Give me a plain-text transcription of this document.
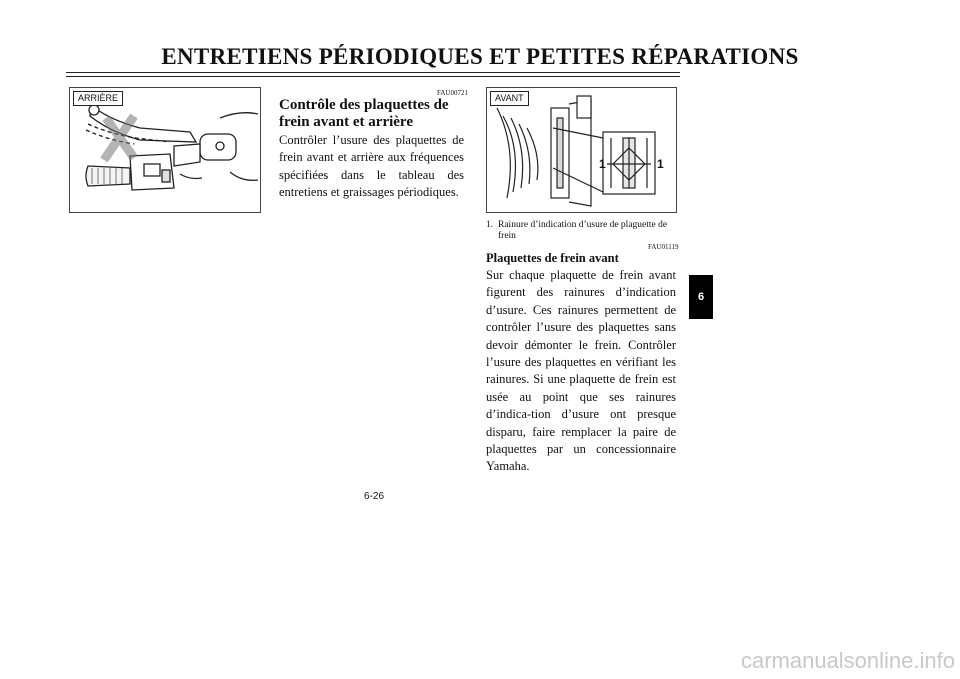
ENTRETIENS PÉRIODIQUES ET PETITES RÉPARATIONS
ARRIÈRE
1	1
AVANT
FAU00721
Contrôle des plaquettes de
frein avant et arrière

Contrôler l’usure des plaquettes de frein avant et arrière aux fréquences spécifiées dans le tableau des entretiens et graissages périodiques.

1. Rainure d’indication d’usure de plaguette de frein
FAU01119
Plaquettes de frein avant

Sur chaque plaquette de frein avant figurent des rainures d’indication d’usure. Ces rainures permettent de contrôler l’usure des plaquettes sans devoir démonter le frein. Contrôler l’usure des plaquettes en vérifiant les rainures. Si une plaquette de frein est usée au point que ses rainures d’indica-tion d’usure ont presque disparu, faire remplacer la paire de plaquettes par un concessionnaire Yamaha.

6-26
6
carmanualsonline.info
